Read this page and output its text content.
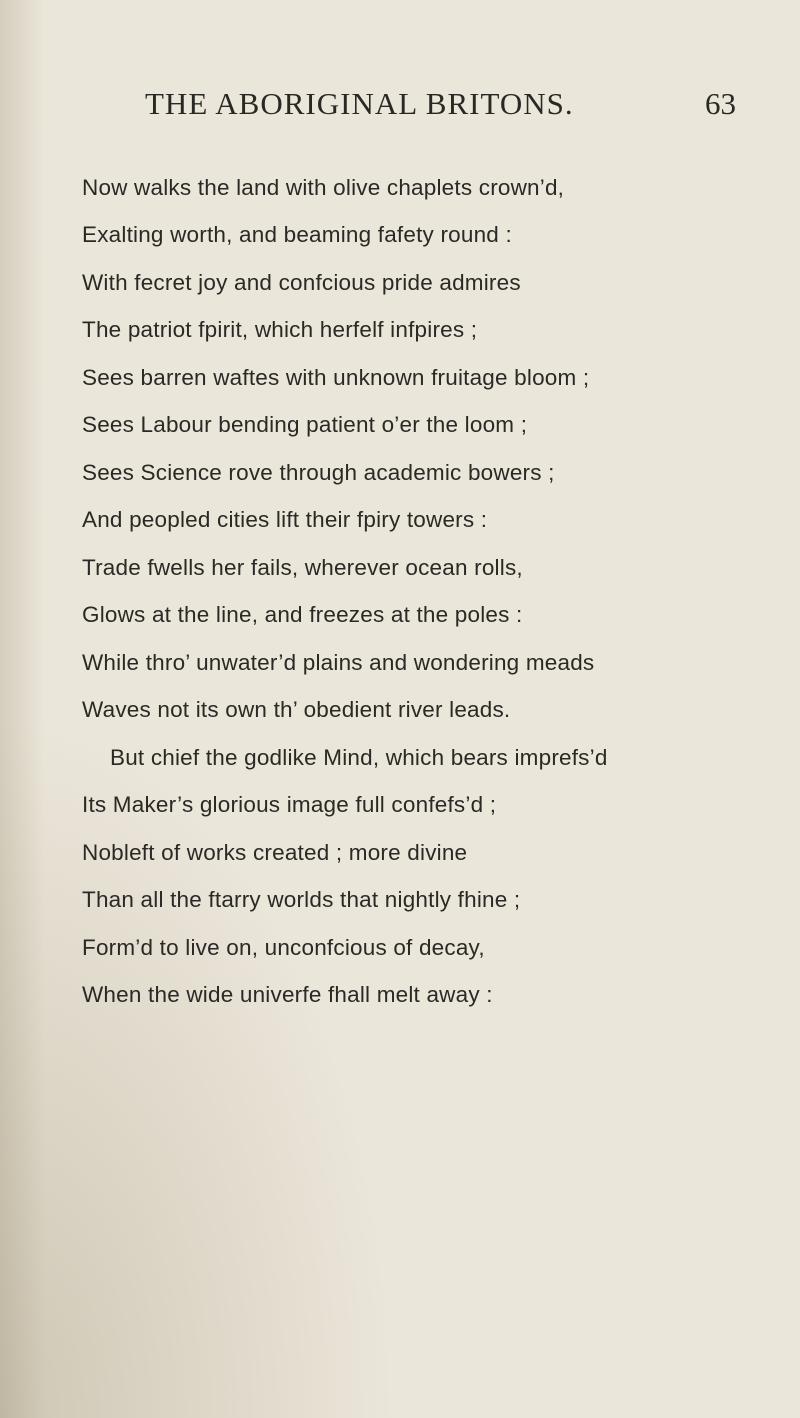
THE ABORIGINAL BRITONS.	63
Now walks the land with olive chaplets crown’d,
Exalting worth, and beaming fafety round :
With fecret joy and confcious pride admires
The patriot fpirit, which herfelf infpires ;
Sees barren waftes with unknown fruitage bloom ;
Sees Labour bending patient o’er the loom ;
Sees Science rove through academic bowers ;
And peopled cities lift their fpiry towers :
Trade fwells her fails, wherever ocean rolls,
Glows at the line, and freezes at the poles :
While thro’ unwater’d plains and wondering meads
Waves not its own th’ obedient river leads.
But chief the godlike Mind, which bears imprefs’d
Its Maker’s glorious image full confefs’d ;
Nobleft of works created ; more divine
Than all the ftarry worlds that nightly fhine ;
Form’d to live on, unconfcious of decay,
When the wide univerfe fhall melt away :
